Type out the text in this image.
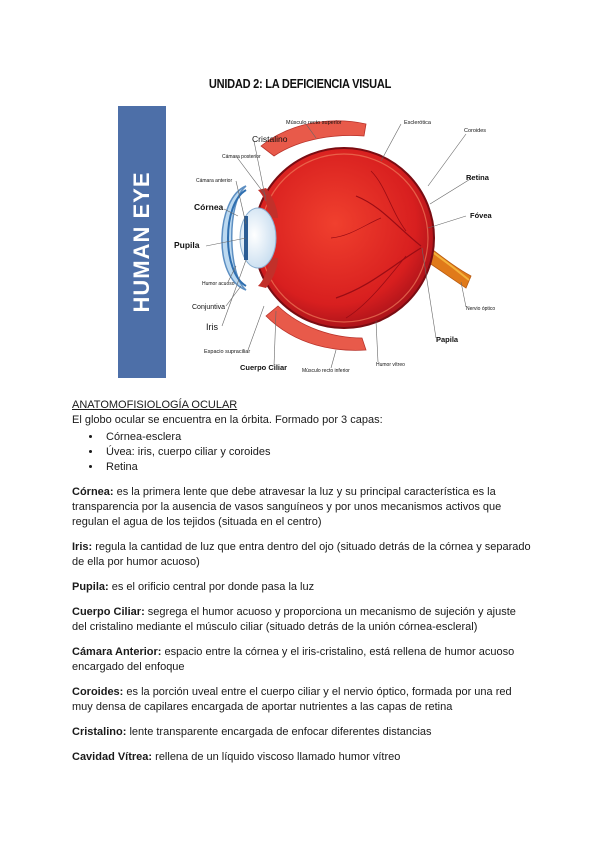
UNIDAD 2: LA DEFICIENCIA VISUAL
HUMAN EYE
Músculo recto superior	Esclerótica
Coroides
Cristalino
Cámara posterior
Cámara anterior
Córnea
Pupila
Humor acuoso
Conjuntiva
Iris
Espacio supraciliar
Cuerpo Ciliar	Músculo recto inferior
Humor vítreo
Papila
Nervio óptico
Fóvea
Retina

ANATOMOFISIOLOGÍA OCULAR

El globo ocular se encuentra en la órbita. Formado por 3 capas:

• Córnea-esclera
• Úvea: iris, cuerpo ciliar y coroides
• Retina

Córnea: es la primera lente que debe atravesar la luz y su principal característica es la transparencia por la ausencia de vasos sanguíneos y por unos mecanismos activos que regulan el agua de los tejidos (situada en el centro)

Iris: regula la cantidad de luz que entra dentro del ojo (situado detrás de la córnea y separado de ella por humor acuoso)

Pupila: es el orificio central por donde pasa la luz

Cuerpo Ciliar: segrega el humor acuoso y proporciona un mecanismo de sujeción y ajuste del cristalino mediante el músculo ciliar (situado detrás de la unión córnea-escleral)

Cámara Anterior: espacio entre la córnea y el iris-cristalino, está rellena de humor acuoso encargado del enfoque

Coroides: es la porción uveal entre el cuerpo ciliar y el nervio óptico, formada por una red muy densa de capilares encargada de aportar nutrientes a las capas de retina

Cristalino: lente transparente encargada de enfocar diferentes distancias

Cavidad Vítrea: rellena de un líquido viscoso llamado humor vítreo
